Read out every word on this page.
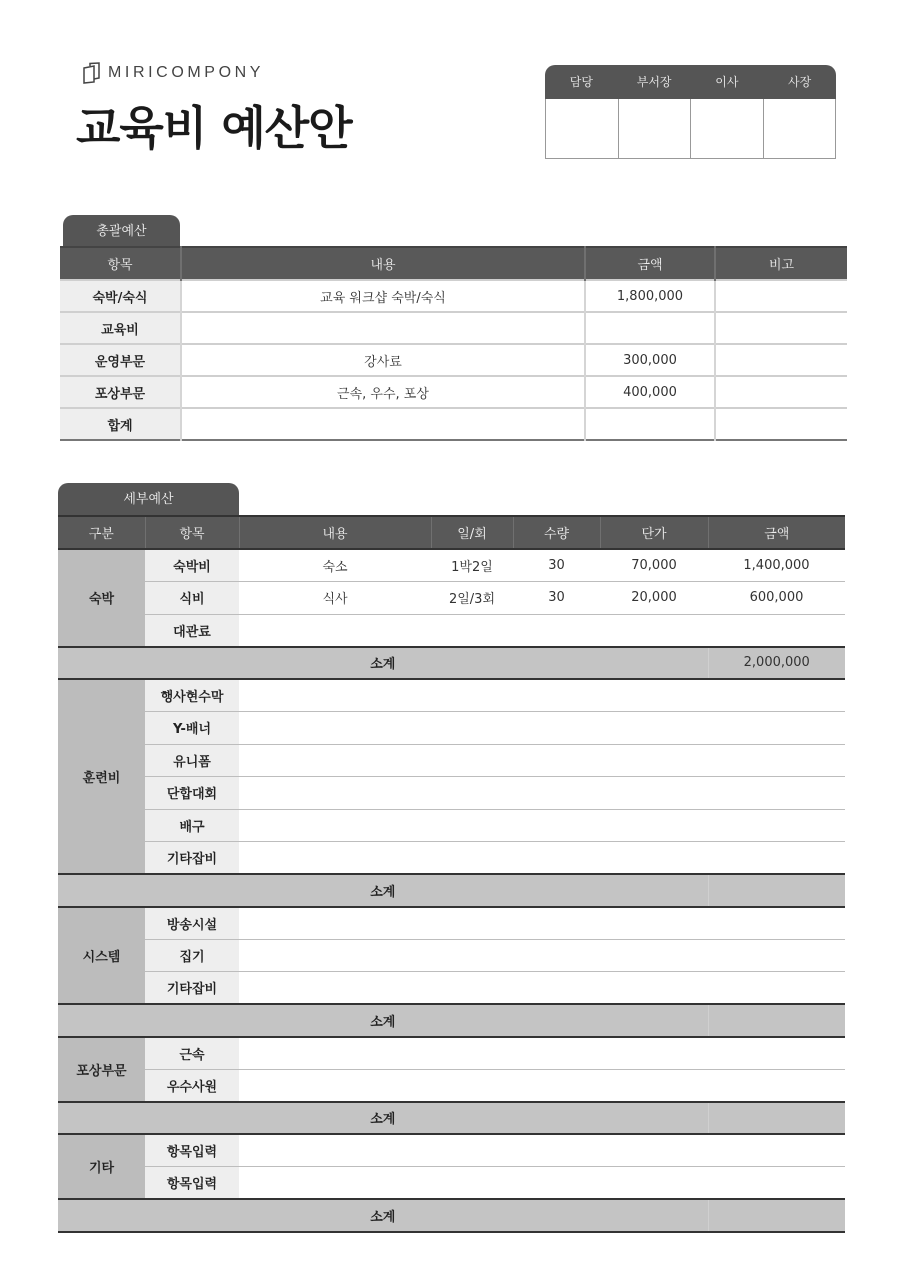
MIRICOMPONY
교육비 예산안
담당	부서장	이사	사장
총괄예산
항목	내용	금액	비고
숙박/숙식	교육 워크샵 숙박/숙식	1,800,000	
교육비			
운영부문	강사료	300,000	
포상부문	근속, 우수, 포상	400,000	
합계			
세부예산
구분	항목	내용	일/회	수량	단가	금액
숙박	숙박비	숙소	1박2일	30	70,000	1,400,000
	식비	식사	2일/3회	30	20,000	600,000
	대관료					
소계						2,000,000
훈련비	행사현수막					
	Y-배너					
	유니폼					
	단합대회					
	배구					
	기타잡비					
소계						
시스템	방송시설					
	집기					
	기타잡비					
소계						
포상부문	근속					
	우수사원					
소계						
기타	항목입력					
	항목입력					
소계						
